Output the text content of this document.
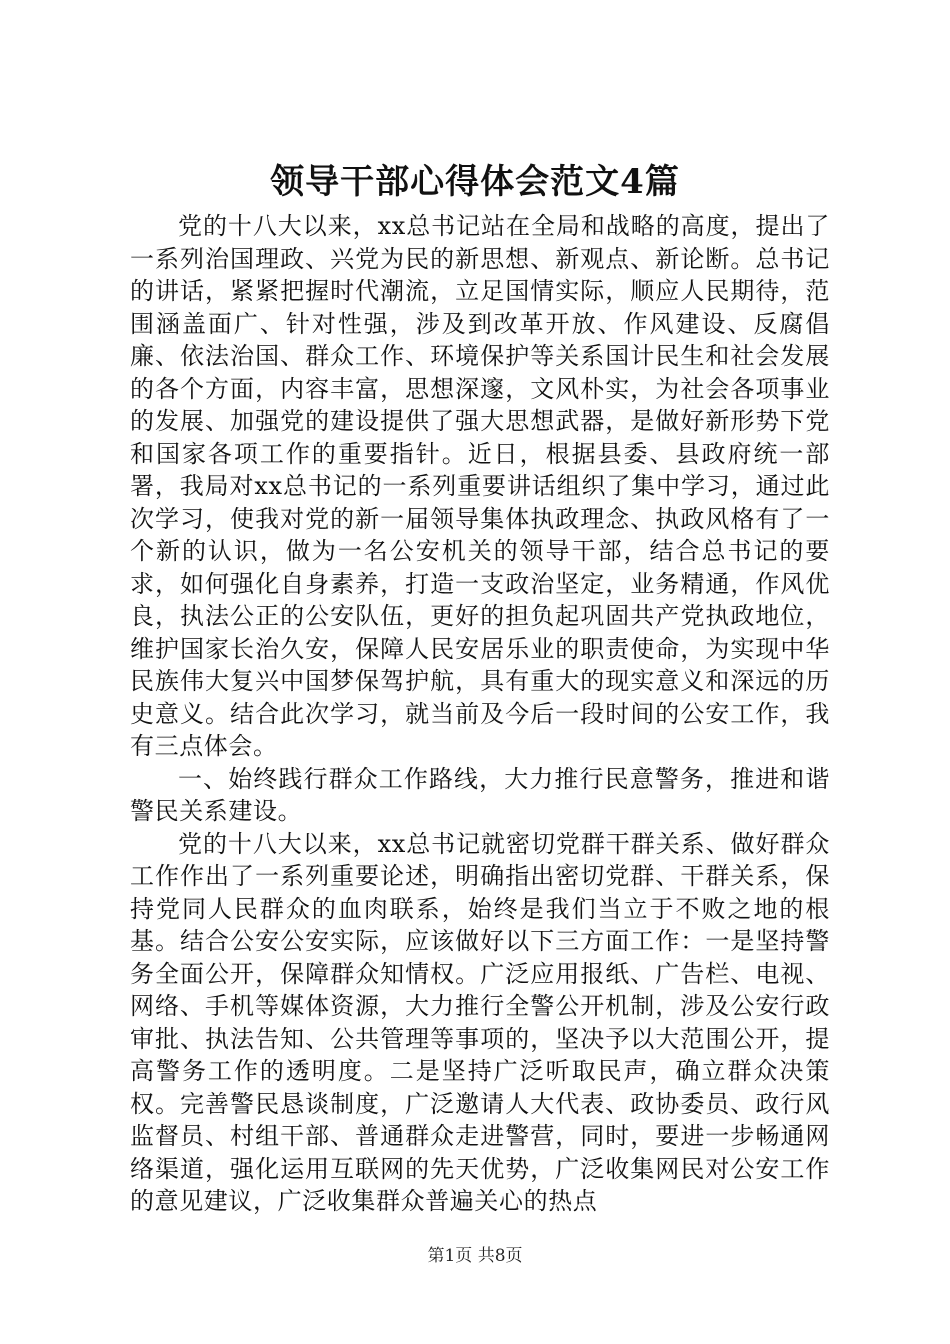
领导干部心得体会范文4篇

党的十八大以来，xx总书记站在全局和战略的高度，提出了一系列治国理政、兴党为民的新思想、新观点、新论断。总书记的讲话，紧紧把握时代潮流，立足国情实际，顺应人民期待，范围涵盖面广、针对性强，涉及到改革开放、作风建设、反腐倡廉、依法治国、群众工作、环境保护等关系国计民生和社会发展的各个方面，内容丰富，思想深邃，文风朴实，为社会各项事业的发展、加强党的建设提供了强大思想武器，是做好新形势下党和国家各项工作的重要指针。近日，根据县委、县政府统一部署，我局对xx总书记的一系列重要讲话组织了集中学习，通过此次学习，使我对党的新一届领导集体执政理念、执政风格有了一个新的认识，做为一名公安机关的领导干部，结合总书记的要求，如何强化自身素养，打造一支政治坚定，业务精通，作风优良，执法公正的公安队伍，更好的担负起巩固共产党执政地位，维护国家长治久安，保障人民安居乐业的职责使命，为实现中华民族伟大复兴中国梦保驾护航，具有重大的现实意义和深远的历史意义。结合此次学习，就当前及今后一段时间的公安工作，我有三点体会。

一、始终践行群众工作路线，大力推行民意警务，推进和谐警民关系建设。

党的十八大以来，xx总书记就密切党群干群关系、做好群众工作作出了一系列重要论述，明确指出密切党群、干群关系，保持党同人民群众的血肉联系，始终是我们当立于不败之地的根基。结合公安公安实际，应该做好以下三方面工作：一是坚持警务全面公开，保障群众知情权。广泛应用报纸、广告栏、电视、网络、手机等媒体资源，大力推行全警公开机制，涉及公安行政审批、执法告知、公共管理等事项的，坚决予以大范围公开，提高警务工作的透明度。二是坚持广泛听取民声，确立群众决策权。完善警民恳谈制度，广泛邀请人大代表、政协委员、政行风监督员、村组干部、普通群众走进警营，同时，要进一步畅通网络渠道，强化运用互联网的先天优势，广泛收集网民对公安工作的意见建议，广泛收集群众普遍关心的热点

第1页 共8页
